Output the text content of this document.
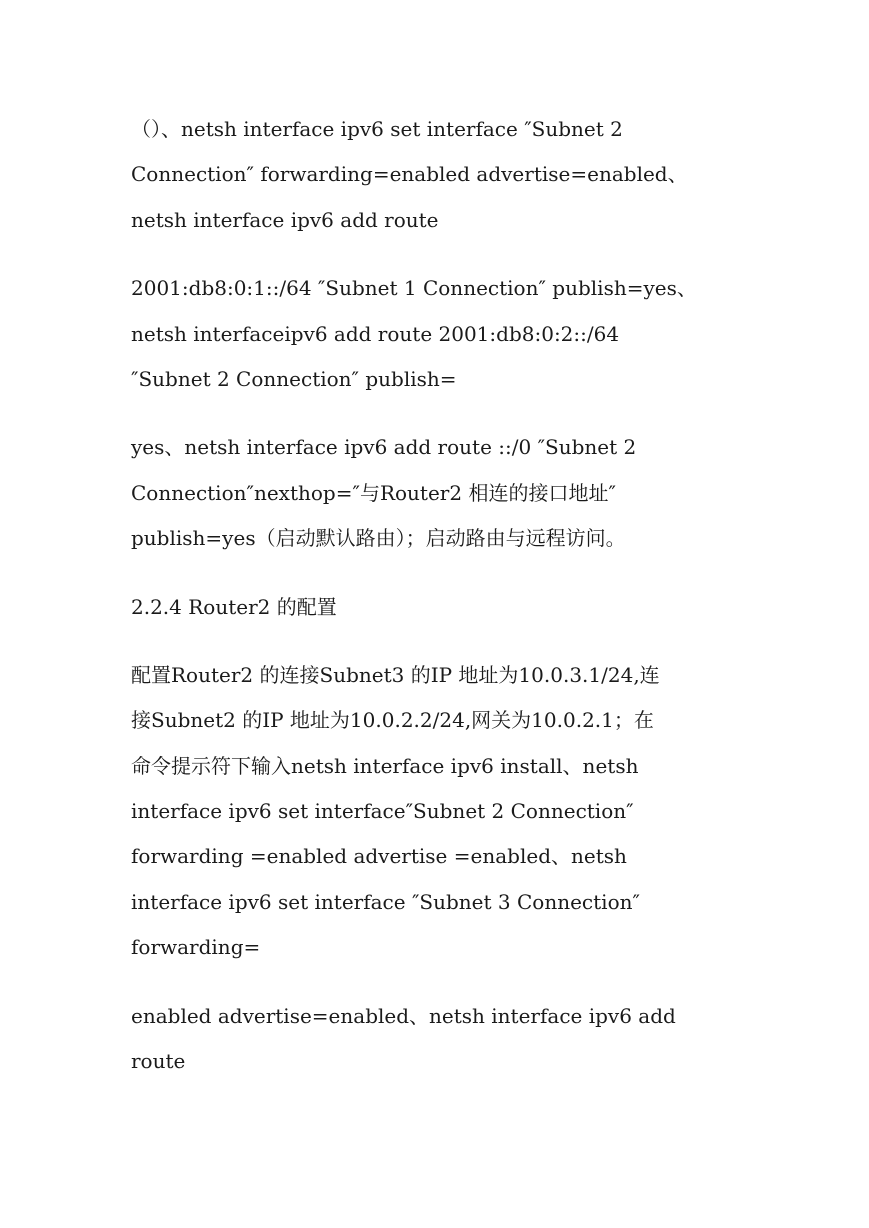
（）、netsh interface ipv6 set interface ″Subnet 2
Connection″ forwarding=enabled advertise=enabled、
netsh interface ipv6 add route
2001:db8:0:1::/64 ″Subnet 1 Connection″ publish=yes、
netsh interfaceipv6 add route 2001:db8:0:2::/64
″Subnet 2 Connection″ publish=
yes、netsh interface ipv6 add route ::/0 ″Subnet 2
Connection″nexthop=″与Router2 相连的接口地址″
publish=yes（启动默认路由）；启动路由与远程访问。
2.2.4 Router2 的配置
配置Router2 的连接Subnet3 的IP 地址为10.0.3.1/24,连
接Subnet2 的IP 地址为10.0.2.2/24,网关为10.0.2.1；在
命令提示符下输入netsh interface ipv6 install、netsh
interface ipv6 set interface″Subnet 2 Connection″
forwarding =enabled advertise =enabled、netsh
interface ipv6 set interface ″Subnet 3 Connection″
forwarding=
enabled advertise=enabled、netsh interface ipv6 add
route
